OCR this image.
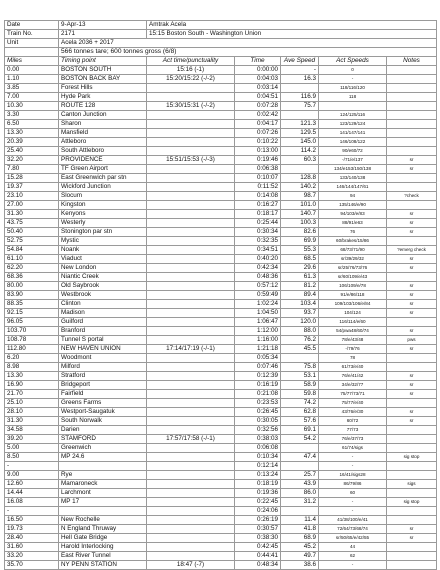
Date	9-Apr-13	Amtrak Acela				
Train No.	2171	15:15 Boston South - Washington Union				
Unit	Acela 2036 + 2017					
	566 tonnes tare; 600 tonnes gross (6/8)					
Miles	Timing point	Act time/punctuality	Time	Ave Speed	Act Speeds	Notes
0.00	BOSTON SOUTH	15:16 (-1)	0:00:00	-	0	
1.10	BOSTON BACK BAY	15:20/15:22 (-/-2)	0:04:03	16.3	-	
3.85	Forest Hills		0:03:14		118/116/120	
7.00	Hyde Park		0:04:51	116.9	118	
10.30	ROUTE 128	15:30/15:31 (-/-2)	0:07:28	75.7		
3.30	Canton Junction		0:02:42		124/125/116	
6.50	Sharon		0:04:17	121.3	123/129/124	
13.30	Mansfield		0:07:26	129.5	141/147/141	
20.39	Attleboro		0:10:22	145.0	146/108/122	
25.40	South Attleboro		0:13:00	114.2	90/e60/72	
32.20	PROVIDENCE	15:51/15:53 (-/-3)	0:19:46	60.3	-/71/e/137	sr
7.80	TF Green Airport		0:06:38		134/e153/150/138	sr
15.28	East Greenwich par stn		0:10:07	128.8	133/140/138	
19.37	Wickford Junction		0:11:52	140.2	146/144/147/61	
23.10	Slocum		0:14:08	98.7	94	?check
27.00	Kingston		0:16:27	101.0	135/146/e/90	
31.30	Kenyons		0:18:17	140.7	94/103/e/83	sr
43.75	Westerly		0:25:44	100.3	88/91/e63	sr
50.40	Stonington par stn		0:30:34	82.6	76	sr
52.75	Mystic		0:32:35	69.9	60/brakes/15/86	
54.84	Noank		0:34:51	55.3	68/73/71/90	?emerg check
61.10	Viaduct		0:40:20	68.5	sr/39/29/32	sr
62.20	New London		0:42:34	29.6	sr/25/76/73/76	sr
68.36	Niantic Creek		0:48:36	61.3	sr/60/109/e/43	
80.00	Old Saybrook		0:57:12	81.2	106/109/e/78	sr
83.90	Westbrook		0:59:49	89.4	91/e/86/118	sr
88.35	Clinton		1:02:24	103.4	109/103/106/e/84	sr
92.15	Madison		1:04:50	93.7	104/124	sr
96.05	Guilford		1:06:47	120.0	116/114/e/60	
103.70	Branford		1:12:00	88.0	54/pwa48/60/74	sr
108.78	Tunnel S portal		1:16:00	76.2	78/e/43/48	pws
112.80	NEW HAVEN UNION	17:14/17:19 (-/-1)	1:21:18	45.5	-/79/76	sr
6.20	Woodmont		0:05:34		78	
8.98	Milford		0:07:46	75.8	61/73/e/40	
13.30	Stratford		0:12:39	53.1	76/e/41/42	sr
16.90	Bridgeport		0:16:19	58.9	34/e/32/77	sr
21.70	Fairfield		0:21:08	59.8	75/77/73/71	sr
25.10	Greens Farms		0:23:53	74.2	75/77/e/40	
28.10	Westport-Saugatuk		0:26:45	62.8	43/76/e/30	sr
31.30	South Norwalk		0:30:05	57.6	60/72	sr
34.58	Darien		0:32:56	69.1	77/73	
39.20	STAMFORD	17:57/17:58 (-/-1)	0:38:03	54.2	76/e/37/73	
5.00	Greenwich		0:06:08		61/74/sigs	
8.50	MP 24.6		0:10:34	47.4	-	sig stop
-			0:12:14		-	
9.00	Rye		0:13:24	25.7	16/41/sigs28	
12.60	Mamaroneck		0:18:19	43.9	86/79/86	sigs
14.44	Larchmont		0:19:36	86.0	60	
16.08	MP 17		0:22:45	31.2	-	sig stop
-			0:24:06		-	
16.50	New Rochelle		0:26:19	11.4	41/38/100/e/41	
19.73	N England Thruway		0:30:57	41.8	72/64/73/68/74	sr
28.40	Hell Gate Bridge		0:38:30	68.9	sr/50/65/e/42/55	sr
31.60	Harold Interlocking		0:42:45	45.2	44	
33.20	East River Tunnel		0:44:41	49.7	62	
35.70	NY PENN STATION	18:47 (-7)	0:48:34	38.6	-	
